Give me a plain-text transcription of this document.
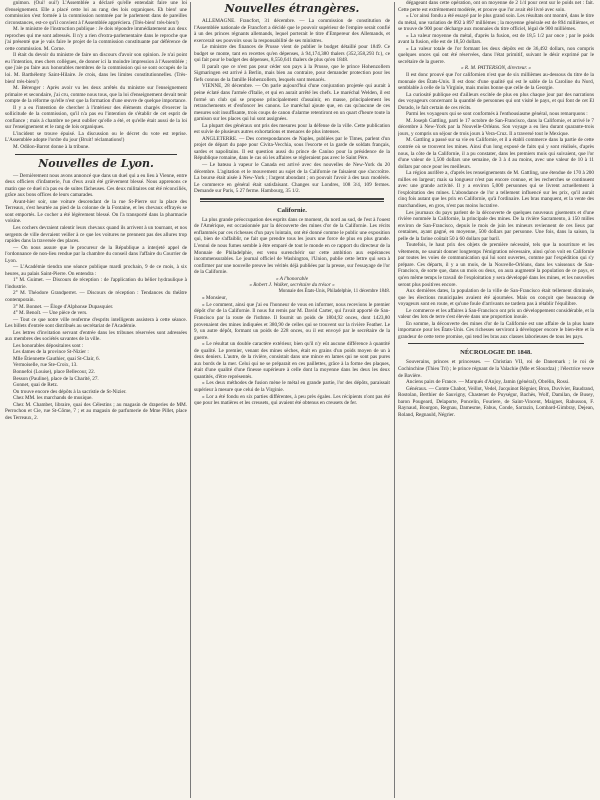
gnimon. (Oui! oui!) L'Assemblée a déclaré qu'elle entendait faire une loi d'enseignement. Elle a placé cette loi au rang des lois organiques. Eh bien! une commission s'est formée à la commission nommée par le parlement dans de pareilles circonstances, est-ce qu'il convient à l'Assemblée appréciera. (Très-bien! très-bien!)

M. le ministre de l'instruction publique : Je dois répondre immédiatement aux deux reproches qui me sont adressés. Il n'y a rien d'extra-parlementaire dans le reproche que j'ai présenté que je vais faire le projet de la commission constituante par déférence de cette commission. M. Corne.

Il était du devoir du ministre de faire un discours d'avoir son opinion. Je n'ai point eu l'intention, mes chers collègues, de donner ici la moindre impression à l'Assemblée ; que j'aie pu faire aux honorables membres de la commission qui se sont occupés de la loi. M. Barthélemy Saint-Hilaire. Je crois, dans les limites constitutionnelles. (Très-bien! très-bien!)

M. Bérenger : Après avoir vu les deux arrêtés du ministre sur l'enseignement primaire et secondaire, j'ai cru, comme nous tous, que la loi d'enseignement devait tenir compte de la réforme qu'elle n'est que la formation d'une œuvre de quelque importance.

Il y a eu l'intention de chercher à l'intérieur des éléments chargés d'exercer la sollicitude de la commission, qu'il n'a pas eu l'intention de s'établir de cet esprit de confiance ; mais à chambre ne peut oublier qu'elle a été, et qu'elle était aussi de la loi sur l'enseignement et le rang de lois organiques.

L'incident se trouve épuisé. La discussion ou le décret du vote est reprise. L'Assemblée adopte l'ordre du jour (Bruit! réclamations!)

M. Odilon-Barrot donne à la tribune.

Nouvelles de Lyon.

— Dernièrement nous avons annoncé que dans un duel qui a eu lieu à Vienne, entre deux officiers d'infanterie, l'un d'eux avait été grièvement blessé. Nous apprenons ce matin que ce duel n'a pas eu de suites fâcheuses. Ces deux militaires ont été réconciliés, grâce aux bons offices de leurs camarades.

Avant-hier soir, une voiture descendant de la rue St-Pierre sur la place des Terreaux, s'est heurtée au pied de la colonne de la Fontaine, et les chevaux effrayés se sont emportés. Le cocher a été légèrement blessé. On l'a transporté dans la pharmacie voisine.

Les cochers devraient ralentir leurs chevaux quand ils arrivent à un tournant, et nos sergents de ville devraient veiller à ce que les voitures ne prennent pas des allures trop rapides dans la traversée des places.

— On nous assure que le procureur de la République a interjeté appel de l'ordonnance de non-lieu rendue par la chambre du conseil dans l'affaire du Courrier de Lyon.

— L'Académie tiendra une séance publique mardi prochain, 9 de ce mois, à six heures, au palais Saint-Pierre. On entendra :

1° M. Guimet. — Discours de réception : de l'application du bélier hydraulique à l'industrie.

2° M. Théodore Grandperret. — Discours de réception : Tendances du théâtre contemporain.

3° M. Bonnet. — Éloge d'Alphonse Dupasquier.

4° M. Benoît. — Une pièce de vers.

— Tout ce que notre ville renferme d'esprits intelligents assistera à cette séance. Les billets d'entrée sont distribués au secrétariat de l'Académie.

Les lettres d'invitation servant d'entrée dans les tribunes réservées sont adressées aux membres des sociétés savantes de la ville.

Les honorables dépositaires sont :

Les dames de la province St-Nizier :

Mlle Étiennette Gauthier, quai St-Clair, 6.

Vermoiselle, rue Ste-Croix, 13.

Bonnefoi (Louise), place Bellecour, 22.

Besson (Pauline), place de la Charité, 27.

Gonnet, quai de Retz.

On trouve encore des dépôts à la sacristie de St-Nizier.

Chez MM. les marchands de musique.

Chez M. Chambet, libraire, quai des Célestins ; au magasin de draperies de MM. Perrochon et Cie, rue St-Côme, 7 ; et au magasin de parfumerie de Mme Pillet, place des Terreaux, 2.

Nouvelles étrangères.

ALLEMAGNE. Francfort, 31 décembre. — La commission de constitution de l'Assemblée nationale de Francfort a décidé que le pouvoir supérieur de l'empire serait confié à un des princes régnants allemands, lequel porterait le titre d'Empereur des Allemands, et exercerait ses pouvoirs sous la responsabilité de ses ministres.

Le ministre des finances de Prusse vient de publier le budget détaillé pour 1849. Ce budget se monte, tant en recettes qu'en dépenses, à 94,174,380 thalers (352,358,293 fr.), ce qui fait pour le budget des dépenses, 8,550,641 thalers de plus qu'en 1848.

Il paraît que ce n'est pas pour céder son pays à la Prusse, que le prince Hohenzollern Sigmaringen est arrivé à Berlin, mais bien au contraire, pour demander protection pour les fiefs connus de la famille Hohenzollern, lesquels sont menacés.

VIENNE, 28 décembre. — On parle aujourd'hui d'une conjuration projetée qui aurait à peine éclaté dans l'armée d'Italie, et qui en aurait arrêté les chefs. Le maréchal Welden, il est formé un club qui se propose principalement d'assainir, en masse, principalement les retranchements et d'enfoncer les canons. Le maréchal ajoute que, en cas qu'aucune de ces mesures soit insuffisante, trois coups de canon d'alarme retentiront en un quart d'heure toute la garnison sur les places qui lui sont assignées.

La plupart des généraux ont pris des mesures pour la défense de la ville. Cette publication est suivie de plusieurs autres exhortations et menaces de plus intenses.

ANGLETERRE. — Des correspondances de Naples, publiées par le Times, parlent d'un projet de départ du pape pour Civita-Vecchia, sous l'escorte et la garde de soldats français, sardes et napolitains. Il est question aussi du prince de Canino pour la présidence de la République romaine, dans le cas où les affaires se régleraient pas avec le Saint Père.

— Le bateau à vapeur le Canada est arrivé avec des nouvelles de New-York du 20 décembre. L'agitation et le mouvement au sujet de la Californie ne faisaient que s'accroître. La bourse était aisée à New-York ; l'argent abondant ; on pouvait l'avoir à des taux modérés. Le commerce en général était satisfaisant. Changes sur Londres, 108 3/4, 109 fermes. Demande sur Paris, 5 27 ferme. Hambourg, 35 1/2.

Californie.

La plus grande préoccupation des esprits dans ce moment, du nord au sud, de l'est à l'ouest de l'Amérique, est occasionnée par la découverte des mines d'or de la Californie. Les récits enflammés par ces richesses d'un pays lointain, ont été donné comme le public une exposition qui, bien de s'affaiblir, ne fait que prendre tous les jours une force de plus en plus grande. L'ennui de nous fumes semble à être emparé de tout le monde en ce rapport du directeur de la Monnaie de Philadelphie, est venu surenchérir sur cette ambition aux espérances incommensurables. Le journal officiel de Washington, l'Union, publie cette lettre qui sera à confirmer par une nouvelle preuve les vérités déjà publiées par la presse, sur l'essayage de l'or de la Californie.

« A l'honorable

« Robert J. Walker, secrétaire du trésor »

Monnaie des États-Unis, Philadelphie, 11 décembre 1848.

« Monsieur,

« Le comment, ainsi que j'ai eu l'honneur de vous en informer, nous recevions le premier dépôt d'or de la Californie. Il nous fut remis par M. David Carter, qui l'avait apporté de San-Francisco par la route de l'isthme. Il fournit un poids de 1804,92 onces, dont 1423,80 provenaient des mines indiquées et 380,90 de celles qui se trouvent sur la rivière Feather. Le 9, un autre dépôt, formant un poids de 228 onces, ou il est envoyé par le secrétaire de la guerre.

« Le résultat un double caractère extérieur, bien qu'il n'y eût aucune différence à quantité de qualité. Le premier, venant des mines sèches, était en grains d'un poids moyen de un à deux deniers. L'autre, de la rivière, consistait dans une mince en lames qui ne sont pas pures aux bords de la mer. Celui qui ne se préparait en ces paillettes, grâce à la forme des plaques, était d'une qualité d'une finesse supérieure à celle dont la moyenne dans les deux les deux quantités, d'être représentés.

« Les deux méthodes de fusion mène le métal en grande partie, l'or des dépôts, paraissait supérieur à mesure que celui de la Virginie.

« Lor a été fondu en six parties différentes, à peu près égales. Les récipients n'ont pas été que pour les matières et les creusets, qui avaient été obtenus en creusets de fer.

dégageant dans cette opération, ont on moyenne de 2 1/4 pour cent sur le poids net : fait. Cette perte est extrêmement modérée, et prouve que l'or avait été livré avec soin.

« L'or ainsi fondu a été essayé par le plus grand soin. Les résultats ont montré, dans le titre du métal, une variation de 892 à 897 millièmes ; la moyenne générale est de 894 millièmes, et se trouve de 900 pour décharge aux monnaies du titre officiel, légal de 900 millièmes.

« La valeur moyenne du métal, d'après la fusion, est de 18,5 1/2 par once ; par le poids avant la fusion, elle est de 18,50 dollars.

« La valeur totale de l'or formant les deux dépôts est de 36,492 dollars, non compris quelques onces qui ont été réservées, dans l'état primitif, suivant le désir exprimé par le secrétaire de la guerre.

« R. M. PATTERSON, directeur. »

Il est donc prouvé que l'or californien n'est que de six millièmes au-dessous du titre de la monnaie des États-Unis. Il est donc d'une qualité qui est le sable de la Caroline du Nord, semblable à celle de la Virginie, mais moins bonne que celle de la Georgie.

La curiosité publique est d'ailleurs excitée de plus en plus chaque jour par des narrations des voyageurs concernant la quantité de personnes qui ont visité le pays, et qui font de cet El Dorado, le fait certain de ces récits.

Parmi les voyageurs qui se sont conformés à l'enthousiasme général, nous remarquons :

M. Joseph Gattling, parti le 17 octobre de San-Francisco, dans la Californie, et arrivé le 7 décembre à New-York par la Nouvelle-Orléans. Son voyage a eu lieu durant quarante-trois jours, y compris un séjour de trois jours à Vera-Cruz. Il a traversé tout le Mexique.

M. Gattling a passé sur sa vie en Californie, et il a établi commerce dans la partie de cette contrée où se trouvent les mines. Ainsi d'un long exposé de faits qui y sont réalisés, d'après nous, la côte de la Californie, il a pu constater, dans les premiers mois qui suivaient, que l'or d'une valeur de 1,500 dollars une semaine, de 3 à 4 au moins, avec une valeur de 10 à 11 dollars par once pour les meilleurs.

La région aurifère a, d'après les renseignements de M. Gattling, une étendue de 170 à 200 milles en largeur; mais sa longueur n'est pas encore connue, et les recherches se continuent avec une grande activité. Il y a environ 5,000 personnes qui se livrent actuellement à l'exploitation des mines. L'abondance de l'or a tellement influencé sur les prix, qu'il aurait cinq fois autant que les prix en Californie, qu'à l'ordinaire. Les bras manquent, et la vente des marchandises, en gros, n'est pas moins lucrative.

Les journaux du pays parlent de la découverte de quelques nouveaux gisements et d'une rivière nommée la Californie, la principale des mines. De la rivière Sacramento, à 150 milles environ de San-Francisco, depuis le mois de juin les mineurs reviennent de ces lieux par centaines, ayant gagné, en moyenne, 500 dollars par personne. Une fois, dans la saison, la pelle de la farine coûtait 50 à 60 dollars par baril.

Toutefois, le haut prix des objets de première nécessité, tels que la nourriture et les vêtements, ne saurait donner longtemps l'émigration nécessaire, ainsi qu'on voit en Californie par toutes les voies de communication qui lui sont ouvertes, comme par l'expédition qui s'y prépare. Ces départs, il y a un mois, de la Nouvelle-Orléans, dans les vaisseaux de San-Francisco, de sorte que, dans un mois ou deux, on aura augmenté la population de ce pays, et qu'en même temps le travail de l'exploitation y sera développé dans les mines, et les nouvelles seront plus positives encore.

Aux dernières dates, la population de la ville de San-Francisco était tellement diminuée, que les élections municipales avaient été ajournées. Mais on conçoit que beaucoup de voyageurs sont en route, et qu'une foule d'arrivants ne tardera pas à rétablir l'équilibre.

Le commerce et les affaires à San-Francisco ont pris un développement considérable, et la valeur des lots de terre s'est élevée dans une proportion inouïe.

En somme, la découverte des mines d'or de la Californie est une affaire de la plus haute importance pour les États-Unis. Ces richesses serviront à développer encore le bien-être et la grandeur de cette terre promise, qui tend les bras aux classes laborieuses de tous les pays.

NÉCROLOGIE DE 1848.

Souverains, princes et princesses. — Christian VII, roi de Danemark ; le roi de Cochinchine (Thieu Tri) ; le prince régnant de la Valachie (Mle et Slourdza) ; l'électrice veuve de Bavière.

Anciens pairs de France. — Marqués d'Anjoy, Jamin (général), Obrélin, Rossi.

Généraux. — Comte Chabot, Veillot, Vedel, Jacquinot Régnier, Bron, Duvivier, Baudrand, Rostolan, Berthier de Sauvigny, Chastenet de Puységur, Bachès, Wolf, Damilan, de Busey, baron Pougeard, Delaporte, Poncelin, Fouriere, de Saint-Vincent, Maignet, Rabusson, F. Raynaud, Bourgon, Regnau, Damesme, Fabus, Conde, Sarrazin, Lombard-Gimbray, Dejean, Roland, Regnauld, Négrier.
